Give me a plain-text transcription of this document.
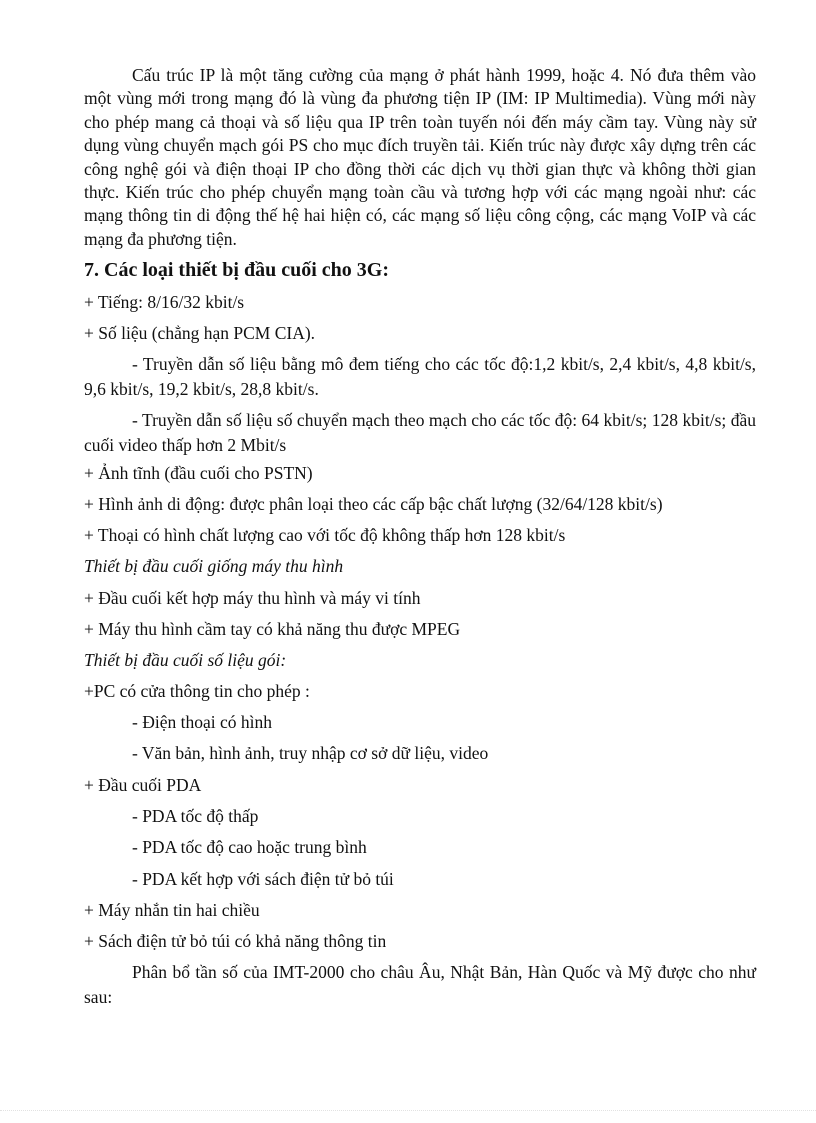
Cấu trúc IP là một tăng cường của mạng ở phát hành 1999, hoặc 4. Nó đưa thêm vào một vùng mới trong mạng đó là vùng đa phương tiện IP (IM: IP Multimedia). Vùng mới này cho phép mang cả thoại và số liệu qua IP trên toàn tuyến nói đến máy cầm tay. Vùng này sử dụng vùng chuyển mạch gói PS cho mục đích truyền tải. Kiến trúc này được xây dựng trên các công nghệ gói và điện thoại IP cho đồng thời các dịch vụ thời gian thực và không thời gian thực. Kiến trúc cho phép chuyển mạng toàn cầu và tương hợp với các mạng ngoài như: các mạng thông tin di động thế hệ hai hiện có, các mạng số liệu công cộng, các mạng VoIP và các mạng đa phương tiện.

7. Các loại thiết bị đầu cuối cho 3G:

+ Tiếng: 8/16/32 kbit/s

+ Số liệu (chẳng hạn PCM CIA).

- Truyền dẫn số liệu bằng mô đem tiếng cho các tốc độ:1,2 kbit/s, 2,4 kbit/s, 4,8 kbit/s, 9,6 kbit/s, 19,2 kbit/s, 28,8 kbit/s.

- Truyền dẫn số liệu số chuyển mạch theo mạch cho các tốc độ: 64 kbit/s; 128 kbit/s; đầu cuối video thấp hơn 2 Mbit/s

+ Ảnh tĩnh (đầu cuối cho PSTN)

+ Hình ảnh di động: được phân loại theo các cấp bậc chất lượng (32/64/128 kbit/s)

+ Thoại có hình chất lượng cao với tốc độ không thấp hơn 128 kbit/s

Thiết bị đầu cuối giống máy thu hình

+ Đầu cuối kết hợp máy thu hình và máy vi tính

+ Máy thu hình cầm tay có khả năng thu được MPEG

Thiết bị đầu cuối số liệu gói:

+PC có cửa thông tin cho phép :

- Điện thoại có hình

- Văn bản, hình ảnh, truy nhập cơ sở dữ liệu, video

+ Đầu cuối PDA

- PDA tốc độ thấp

- PDA tốc độ cao hoặc trung bình

- PDA kết hợp với sách điện tử bỏ túi

+ Máy nhắn tin hai chiều

+ Sách điện tử bỏ túi có khả năng thông tin

Phân bổ tần số của IMT-2000 cho châu Âu, Nhật Bản, Hàn Quốc và Mỹ được cho như sau:
